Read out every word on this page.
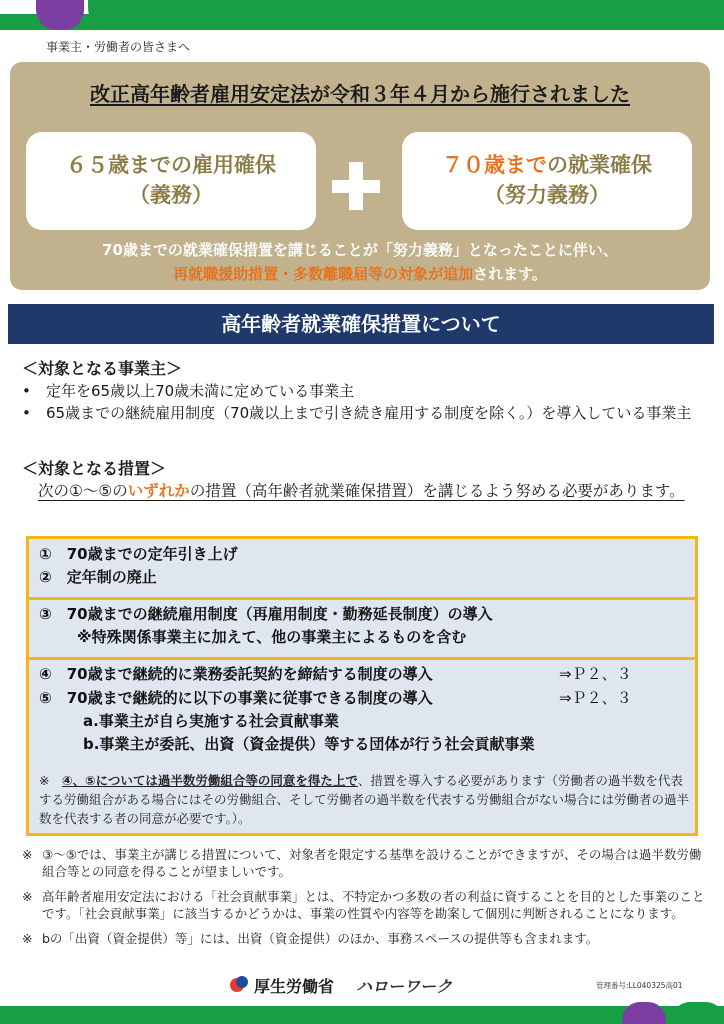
事業主・労働者の皆さまへ
改正高年齢者雇用安定法が令和３年４月から施行されました
６５歳までの雇用確保
（義務）
７０歳までの就業確保
（努力義務）
70歳までの就業確保措置を講じることが「努力義務」となったことに伴い、
再就職援助措置・多数離職届等の対象が追加されます。
高年齢者就業確保措置について
＜対象となる事業主＞
• 定年を65歳以上70歳未満に定めている事業主
• 65歳までの継続雇用制度（70歳以上まで引き続き雇用する制度を除く。）を導入している事業主
＜対象となる措置＞
次の①～⑤のいずれかの措置（高年齢者就業確保措置）を講じるよう努める必要があります。
①　70歳までの定年引き上げ
②　定年制の廃止
③　70歳までの継続雇用制度（再雇用制度・勤務延長制度）の導入
※特殊関係事業主に加えて、他の事業主によるものを含む
④　70歳まで継続的に業務委託契約を締結する制度の導入	⇒Ｐ２、３
⑤　70歳まで継続的に以下の事業に従事できる制度の導入	⇒Ｐ２、３
a.事業主が自ら実施する社会貢献事業
b.事業主が委託、出資（資金提供）等する団体が行う社会貢献事業
※　 ④、⑤については過半数労働組合等の同意を得た上で、措置を導入する必要があります（労働者の過半数を代表する労働組合がある場合にはその労働組合、そして労働者の過半数を代表する労働組合がない場合には労働者の過半数を代表する者の同意が必要です。）。

※ ③～⑤では、事業主が講じる措置について、対象者を限定する基準を設けることができますが、その場合は過半数労働組合等との同意を得ることが望ましいです。

※ 高年齢者雇用安定法における「社会貢献事業」とは、不特定かつ多数の者の利益に資することを目的とした事業のことです。「社会貢献事業」に該当するかどうかは、事業の性質や内容等を勘案して個別に判断されることになります。

※ bの「出資（資金提供）等」には、出資（資金提供）のほか、事務スペースの提供等も含まれます。

厚生労働省 ハローワーク	管理番号:LL040325高01
